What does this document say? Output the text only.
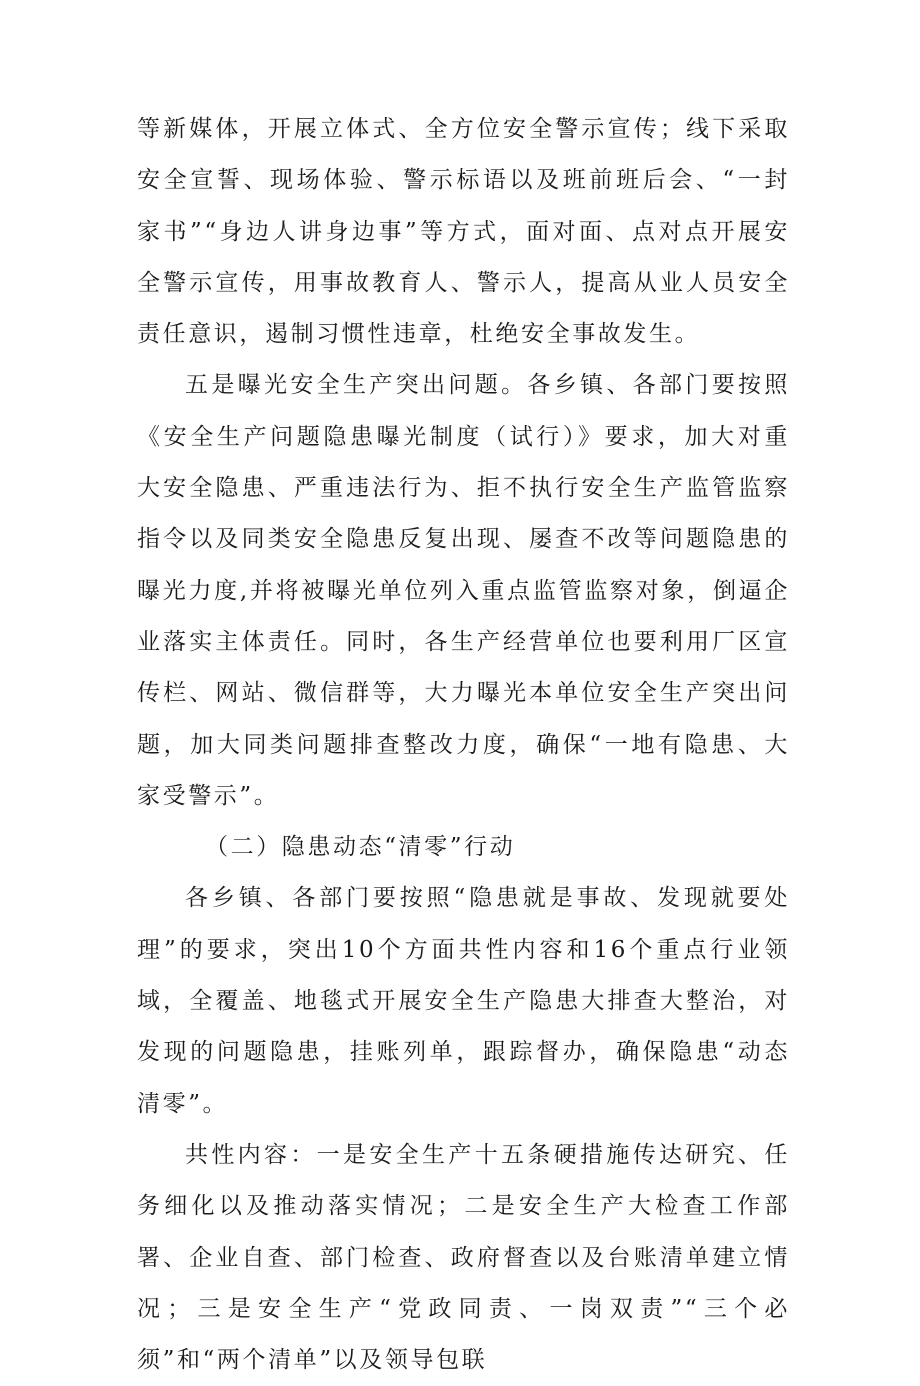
等新媒体，开展立体式、全方位安全警示宣传；线下采取安全宣誓、现场体验、警示标语以及班前班后会、“一封家书”“身边人讲身边事”等方式，面对面、点对点开展安全警示宣传，用事故教育人、警示人，提高从业人员安全责任意识，遏制习惯性违章，杜绝安全事故发生。

五是曝光安全生产突出问题。各乡镇、各部门要按照《安全生产问题隐患曝光制度（试行）》要求，加大对重大安全隐患、严重违法行为、拒不执行安全生产监管监察指令以及同类安全隐患反复出现、屡查不改等问题隐患的曝光力度,并将被曝光单位列入重点监管监察对象，倒逼企业落实主体责任。同时，各生产经营单位也要利用厂区宣传栏、网站、微信群等，大力曝光本单位安全生产突出问题，加大同类问题排查整改力度，确保“一地有隐患、大家受警示”。

（二）隐患动态“清零”行动

各乡镇、各部门要按照“隐患就是事故、发现就要处理”的要求，突出10个方面共性内容和16个重点行业领域，全覆盖、地毯式开展安全生产隐患大排查大整治，对发现的问题隐患，挂账列单，跟踪督办，确保隐患“动态清零”。

共性内容：一是安全生产十五条硬措施传达研究、任务细化以及推动落实情况；二是安全生产大检查工作部署、企业自查、部门检查、政府督查以及台账清单建立情况；三是安全生产“党政同责、一岗双责”“三个必须”和“两个清单”以及领导包联
